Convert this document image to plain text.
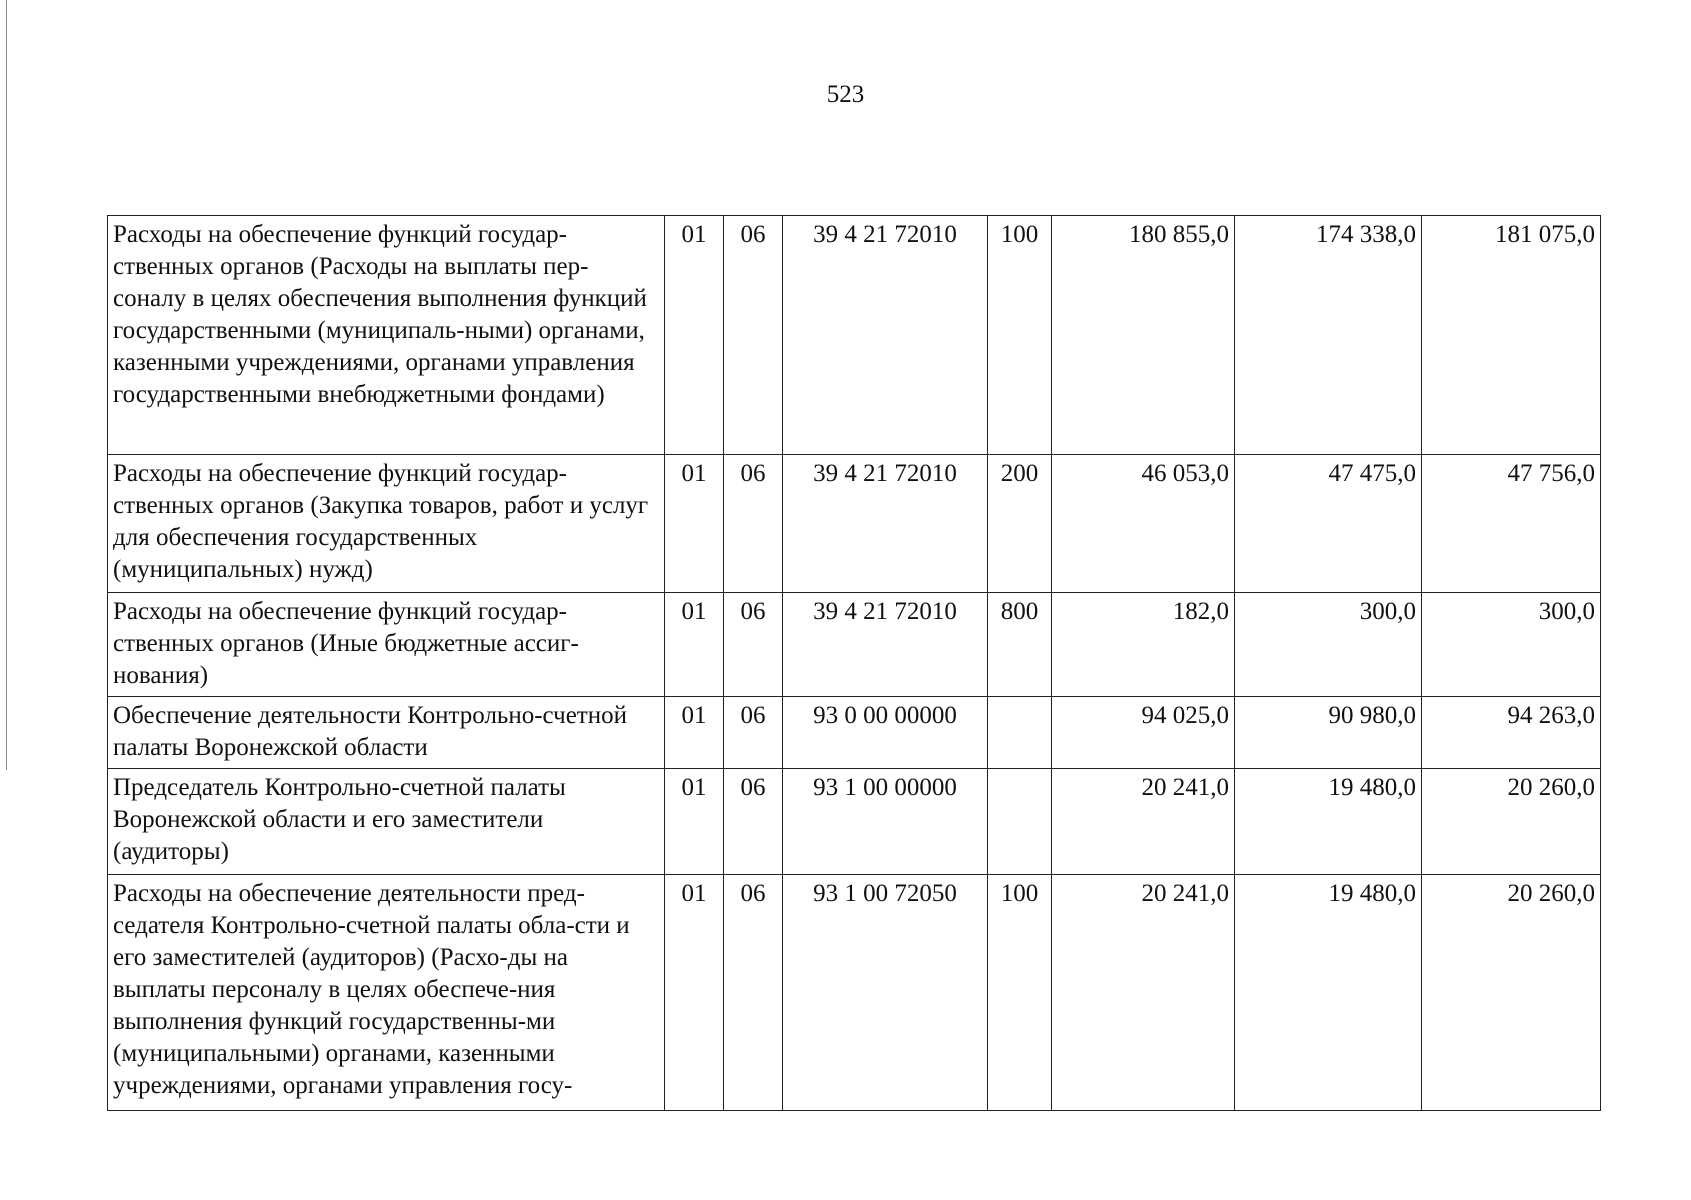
523
Расходы на обеспечение функций государ-ственных органов (Расходы на выплаты пер-соналу в целях обеспечения выполнения функций государственными (муниципаль-ными) органами, казенными учреждениями, органами управления государственными внебюджетными фондами)	01	06	39 4 21 72010	100	180 855,0	174 338,0	181 075,0
Расходы на обеспечение функций государ-ственных органов (Закупка товаров, работ и услуг для обеспечения государственных (муниципальных) нужд)	01	06	39 4 21 72010	200	46 053,0	47 475,0	47 756,0
Расходы на обеспечение функций государ-ственных органов (Иные бюджетные ассиг-нования)	01	06	39 4 21 72010	800	182,0	300,0	300,0
Обеспечение деятельности Контрольно-счетной палаты Воронежской области	01	06	93 0 00 00000		94 025,0	90 980,0	94 263,0
Председатель Контрольно-счетной палаты Воронежской области и его заместители (аудиторы)	01	06	93 1 00 00000		20 241,0	19 480,0	20 260,0
Расходы на обеспечение деятельности пред-седателя Контрольно-счетной палаты обла-сти и его заместителей (аудиторов) (Расхо-ды на выплаты персоналу в целях обеспече-ния выполнения функций государственны-ми (муниципальными) органами, казенными учреждениями, органами управления госу-	01	06	93 1 00 72050	100	20 241,0	19 480,0	20 260,0
